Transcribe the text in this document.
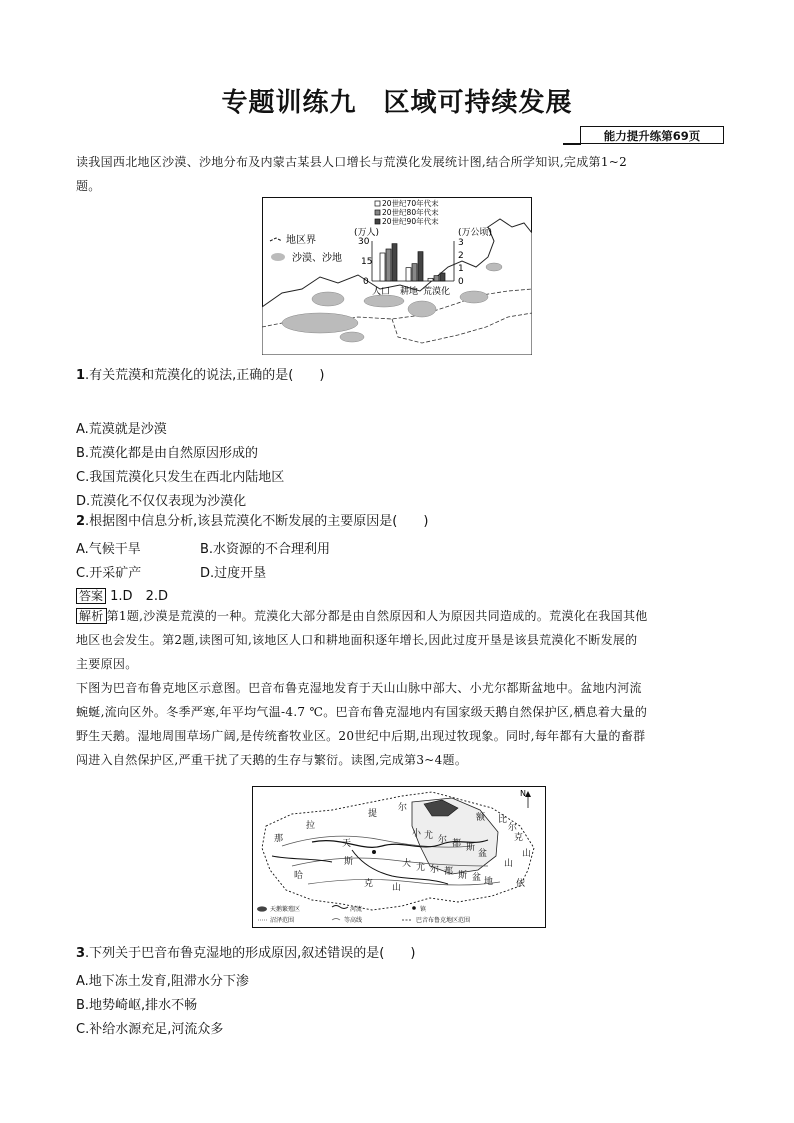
专题训练九　区域可持续发展
能力提升练第69页
读我国西北地区沙漠、沙地分布及内蒙古某县人口增长与荒漠化发展统计图,结合所学知识,完成第1~2
题。
地区界
沙漠、沙地
20世纪70年代末
20世纪80年代末
20世纪90年代末
(万人)	(万公顷)
30
15
0
3
2
1
0
人口 耕地 荒漠化
1.有关荒漠和荒漠化的说法,正确的是(　　)
A.荒漠就是沙漠
B.荒漠化都是由自然原因形成的
C.我国荒漠化只发生在西北内陆地区
D.荒漠化不仅仅表现为沙漠化
2.根据图中信息分析,该县荒漠化不断发展的主要原因是(　　)
A.气候干旱	B.水资源的不合理利用
C.开采矿产	D.过度开垦
答案 1.D　2.D
解析 第1题,沙漠是荒漠的一种。荒漠化大部分都是由自然原因和人为原因共同造成的。荒漠化在我国其他
地区也会发生。第2题,读图可知,该地区人口和耕地面积逐年增长,因此过度开垦是该县荒漠化不断发展的
主要原因。
下图为巴音布鲁克地区示意图。巴音布鲁克湿地发育于天山山脉中部大、小尤尔都斯盆地中。盆地内河流
蜿蜒,流向区外。冬季严寒,年平均气温-4.7 ℃。巴音布鲁克湿地内有国家级天鹅自然保护区,栖息着大量的
野生天鹅。湿地周围草场广阔,是传统畜牧业区。20世纪中后期,出现过牧现象。同时,每年都有大量的畜群
闯进入自然保护区,严重干扰了天鹅的生存与繁衍。读图,完成第3~4题。
那
拉
提
尔
哈
克 山
额 比
尔
克
山
天
斯
小 尤 尔 都 斯
盆
大 尤 尔 都 斯 盆 地
山
依
N
天鹅繁殖区	河流	镇
沼泽范围	等高线	巴音布鲁克地区范围
3.下列关于巴音布鲁克湿地的形成原因,叙述错误的是(　　)
A.地下冻土发育,阻滞水分下渗
B.地势崎岖,排水不畅
C.补给水源充足,河流众多
